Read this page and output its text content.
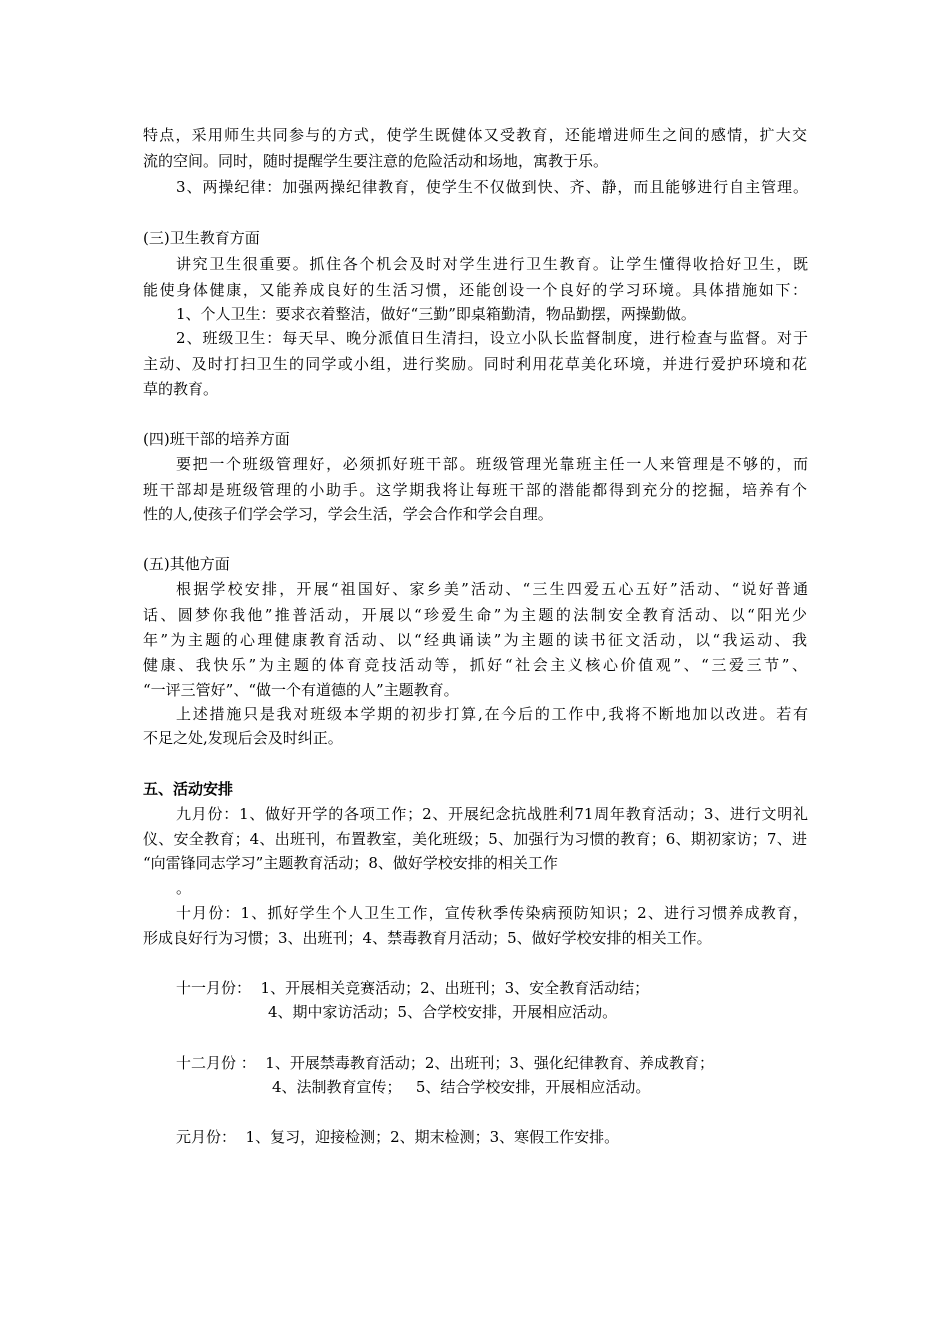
特点，采用师生共同参与的方式，使学生既健体又受教育，还能增进师生之间的感情，扩大交

流的空间。同时，随时提醒学生要注意的危险活动和场地，寓教于乐。

3、两操纪律：加强两操纪律教育，使学生不仅做到快、齐、静，而且能够进行自主管理。

(三)卫生教育方面

讲究卫生很重要。抓住各个机会及时对学生进行卫生教育。让学生懂得收拾好卫生，既

能使身体健康，又能养成良好的生活习惯，还能创设一个良好的学习环境。具体措施如下：

1、个人卫生：要求衣着整洁，做好“三勤”即桌箱勤清，物品勤摆，两操勤做。

2、班级卫生：每天早、晚分派值日生清扫，设立小队长监督制度，进行检查与监督。对于

主动、及时打扫卫生的同学或小组，进行奖励。同时利用花草美化环境，并进行爱护环境和花

草的教育。

(四)班干部的培养方面

要把一个班级管理好，必须抓好班干部。班级管理光靠班主任一人来管理是不够的，而

班干部却是班级管理的小助手。这学期我将让每班干部的潜能都得到充分的挖掘，培养有个

性的人,使孩子们学会学习，学会生活，学会合作和学会自理。

(五)其他方面

根据学校安排，开展“祖国好、家乡美”活动、“三生四爱五心五好”活动、“说好普通

话、圆梦你我他”推普活动，开展以“珍爱生命”为主题的法制安全教育活动、以“阳光少

年”为主题的心理健康教育活动、以“经典诵读”为主题的读书征文活动，以“我运动、我

健康、我快乐”为主题的体育竞技活动等，抓好“社会主义核心价值观”、“三爱三节”、

“一评三管好”、“做一个有道德的人”主题教育。

上述措施只是我对班级本学期的初步打算,在今后的工作中,我将不断地加以改进。若有

不足之处,发现后会及时纠正。

五、活动安排

九月份：1、做好开学的各项工作；2、开展纪念抗战胜利71周年教育活动；3、进行文明礼

仪、安全教育；4、出班刊，布置教室，美化班级；5、加强行为习惯的教育；6、期初家访；7、进

“向雷锋同志学习”主题教育活动；8、做好学校安排的相关工作

。

十月份：1、抓好学生个人卫生工作，宣传秋季传染病预防知识；2、进行习惯养成教育，

形成良好行为习惯；3、出班刊；4、禁毒教育月活动；5、做好学校安排的相关工作。

十一月份：  1、开展相关竞赛活动；2、出班刊；3、安全教育活动结；

4、期中家访活动；5、合学校安排，开展相应活动。

十二月份 ：  1、开展禁毒教育活动；2、出班刊；3、强化纪律教育、养成教育；

4、法制教育宣传；   5、结合学校安排，开展相应活动。

元月份：  1、复习，迎接检测；2、期末检测；3、寒假工作安排。
